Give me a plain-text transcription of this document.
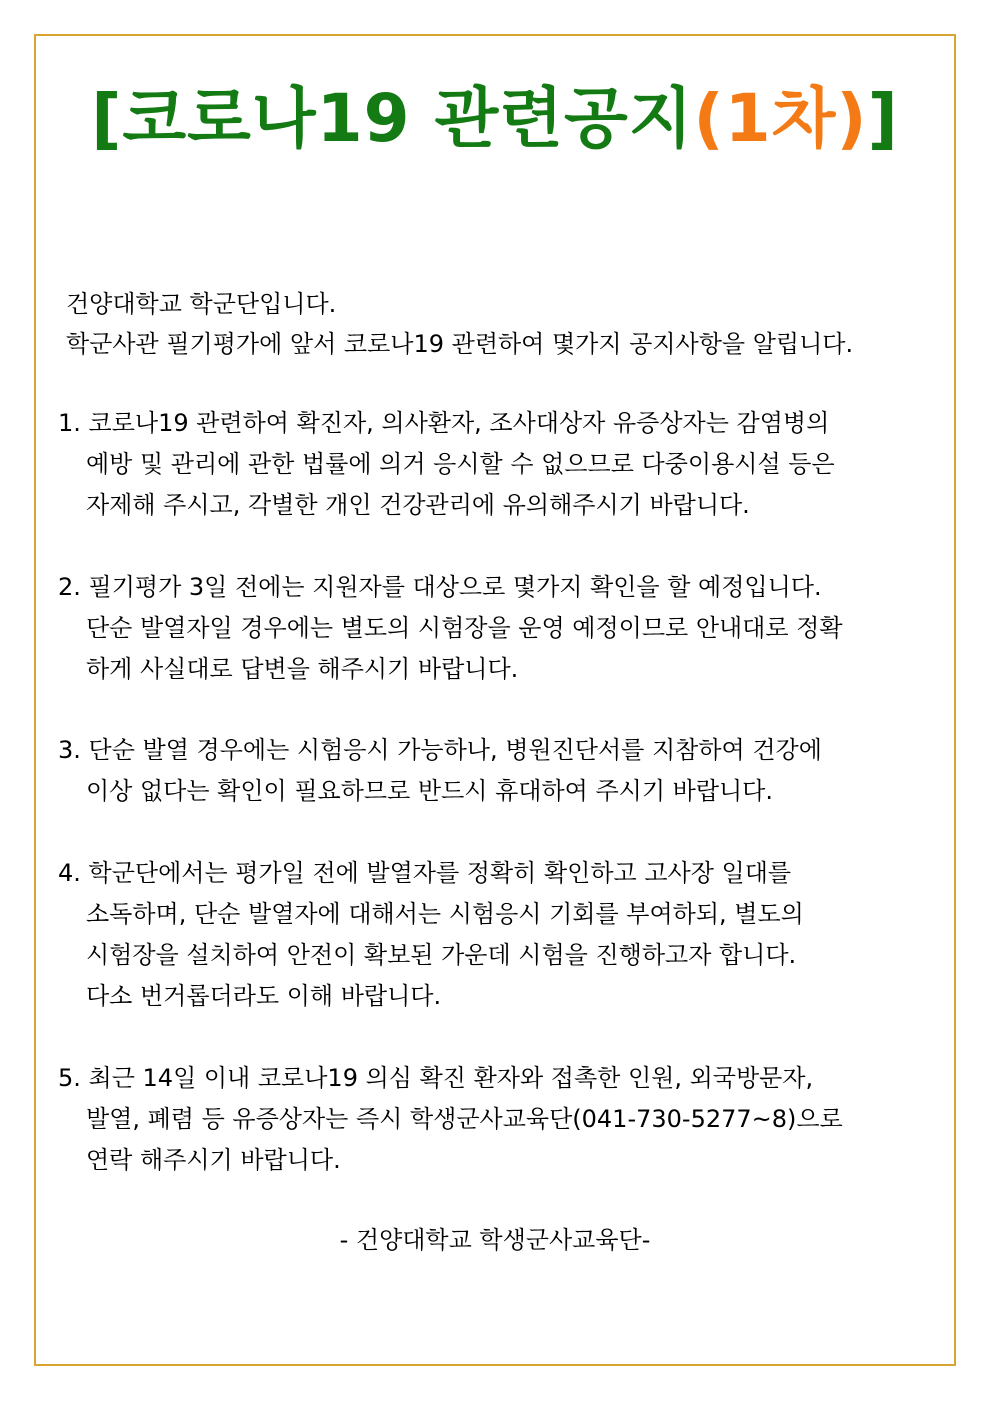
[코로나19 관련공지(1차)]
건양대학교 학군단입니다.
학군사관 필기평가에 앞서 코로나19 관련하여 몇가지 공지사항을 알립니다.
1. 코로나19 관련하여 확진자, 의사환자, 조사대상자 유증상자는 감염병의
예방 및 관리에 관한 법률에 의거 응시할 수 없으므로 다중이용시설 등은
자제해 주시고, 각별한 개인 건강관리에 유의해주시기 바랍니다.
2. 필기평가 3일 전에는 지원자를 대상으로 몇가지 확인을 할 예정입니다.
단순 발열자일 경우에는 별도의 시험장을 운영 예정이므로 안내대로 정확
하게 사실대로 답변을 해주시기 바랍니다.
3. 단순 발열 경우에는 시험응시 가능하나, 병원진단서를 지참하여 건강에
이상 없다는 확인이 필요하므로 반드시 휴대하여 주시기 바랍니다.
4. 학군단에서는 평가일 전에 발열자를 정확히 확인하고 고사장 일대를
소독하며, 단순 발열자에 대해서는 시험응시 기회를 부여하되, 별도의
시험장을 설치하여 안전이 확보된 가운데 시험을 진행하고자 합니다.
다소 번거롭더라도 이해 바랍니다.
5. 최근 14일 이내 코로나19 의심 확진 환자와 접촉한 인원, 외국방문자,
발열, 폐렴 등 유증상자는 즉시 학생군사교육단(041-730-5277~8)으로
연락 해주시기 바랍니다.
- 건양대학교 학생군사교육단-
